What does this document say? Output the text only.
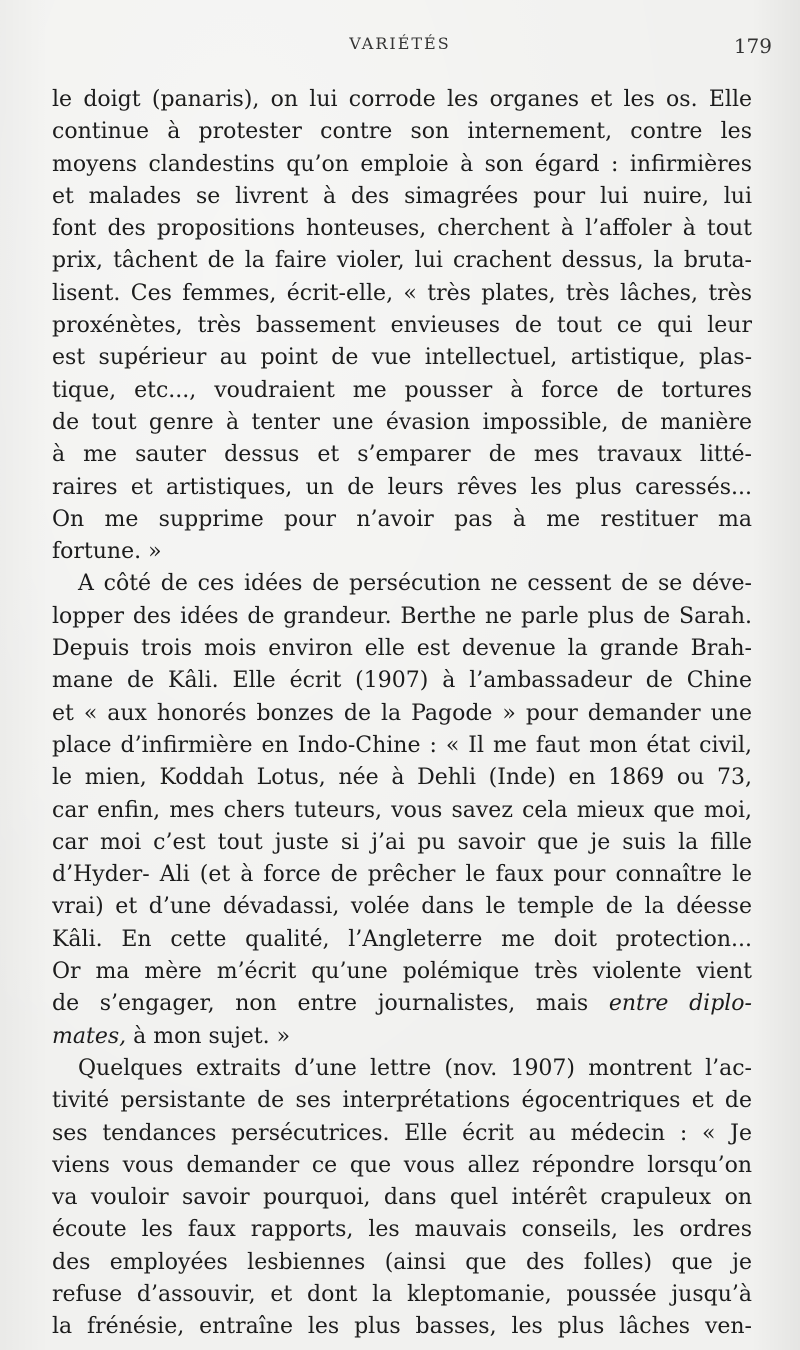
VARIÉTÉS	179
le doigt (panaris), on lui corrode les organes et les os. Elle
continue à protester contre son internement, contre les
moyens clandestins qu’on emploie à son égard : infirmières
et malades se livrent à des simagrées pour lui nuire, lui
font des propositions honteuses, cherchent à l’affoler à tout
prix, tâchent de la faire violer, lui crachent dessus, la bruta-
lisent. Ces femmes, écrit-elle, « très plates, très lâches, très
proxénètes, très bassement envieuses de tout ce qui leur
est supérieur au point de vue intellectuel, artistique, plas-
tique, etc..., voudraient me pousser à force de tortures
de tout genre à tenter une évasion impossible, de manière
à me sauter dessus et s’emparer de mes travaux litté-
raires et artistiques, un de leurs rêves les plus caressés...
On me supprime pour n’avoir pas à me restituer ma
fortune. »
A côté de ces idées de persécution ne cessent de se déve-
lopper des idées de grandeur. Berthe ne parle plus de Sarah.
Depuis trois mois environ elle est devenue la grande Brah-
mane de Kâli. Elle écrit (1907) à l’ambassadeur de Chine
et « aux honorés bonzes de la Pagode » pour demander une
place d’infirmière en Indo-Chine : « Il me faut mon état civil,
le mien, Koddah Lotus, née à Dehli (Inde) en 1869 ou 73,
car enfin, mes chers tuteurs, vous savez cela mieux que moi,
car moi c’est tout juste si j’ai pu savoir que je suis la fille
d’Hyder- Ali (et à force de prêcher le faux pour connaître le
vrai) et d’une dévadassi, volée dans le temple de la déesse
Kâli. En cette qualité, l’Angleterre me doit protection...
Or ma mère m’écrit qu’une polémique très violente vient
de s’engager, non entre journalistes, mais entre diplo-
mates, à mon sujet. »
Quelques extraits d’une lettre (nov. 1907) montrent l’ac-
tivité persistante de ses interprétations égocentriques et de
ses tendances persécutrices. Elle écrit au médecin : « Je
viens vous demander ce que vous allez répondre lorsqu’on
va vouloir savoir pourquoi, dans quel intérêt crapuleux on
écoute les faux rapports, les mauvais conseils, les ordres
des employées lesbiennes (ainsi que des folles) que je
refuse d’assouvir, et dont la kleptomanie, poussée jusqu’à
la frénésie, entraîne les plus basses, les plus lâches ven-
